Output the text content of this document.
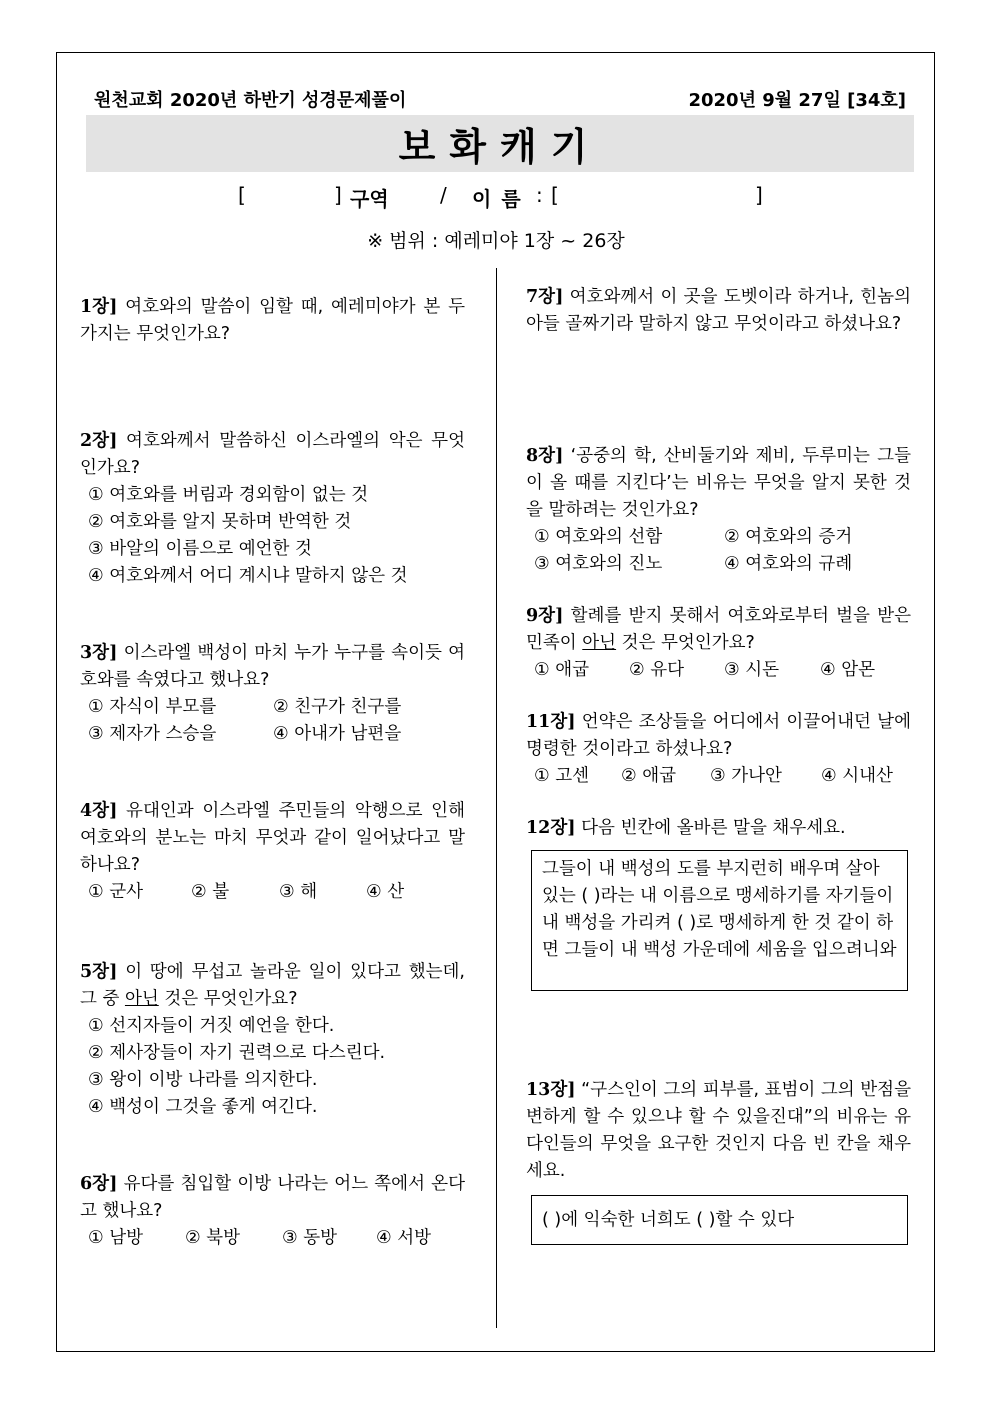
원천교회 2020년 하반기 성경문제풀이	2020년 9월 27일 [34호]
보화캐기
[	] 구역	/ 이름 : [	]
※ 범위 : 예레미야 1장 ~ 26장
1장] 여호와의 말씀이 임할 때, 예레미야가 본 두 가지는 무엇인가요?
2장] 여호와께서 말씀하신 이스라엘의 악은 무엇인가요?
① 여호와를 버림과 경외함이 없는 것
② 여호와를 알지 못하며 반역한 것
③ 바알의 이름으로 예언한 것
④ 여호와께서 어디 계시냐 말하지 않은 것
3장] 이스라엘 백성이 마치 누가 누구를 속이듯 여호와를 속였다고 했나요?
① 자식이 부모를	② 친구가 친구를
③ 제자가 스승을	④ 아내가 남편을
4장] 유대인과 이스라엘 주민들의 악행으로 인해 여호와의 분노는 마치 무엇과 같이 일어났다고 말하나요?
① 군사	② 불	③ 해	④ 산
5장] 이 땅에 무섭고 놀라운 일이 있다고 했는데, 그 중 아닌 것은 무엇인가요?
① 선지자들이 거짓 예언을 한다.
② 제사장들이 자기 권력으로 다스린다.
③ 왕이 이방 나라를 의지한다.
④ 백성이 그것을 좋게 여긴다.
6장] 유다를 침입할 이방 나라는 어느 쪽에서 온다고 했나요?
① 남방	② 북방	③ 동방	④ 서방
7장] 여호와께서 이 곳을 도벳이라 하거나, 힌놈의 아들 골짜기라 말하지 않고 무엇이라고 하셨나요?
8장] ‘공중의 학, 산비둘기와 제비, 두루미는 그들이 올 때를 지킨다’는 비유는 무엇을 알지 못한 것을 말하려는 것인가요?
① 여호와의 선함	② 여호와의 증거
③ 여호와의 진노	④ 여호와의 규례
9장] 할례를 받지 못해서 여호와로부터 벌을 받은 민족이 아닌 것은 무엇인가요?
① 애굽	② 유다	③ 시돈	④ 암몬
11장] 언약은 조상들을 어디에서 이끌어내던 날에 명령한 것이라고 하셨나요?
① 고센	② 애굽	③ 가나안	④ 시내산
12장] 다음 빈칸에 올바른 말을 채우세요.
그들이 내 백성의 도를 부지런히 배우며 살아 있는 ( )라는 내 이름으로 맹세하기를 자기들이 내 백성을 가리켜 ( )로 맹세하게 한 것 같이 하면 그들이 내 백성 가운데에 세움을 입으려니와
13장] “구스인이 그의 피부를, 표범이 그의 반점을 변하게 할 수 있으냐 할 수 있을진대”의 비유는 유다인들의 무엇을 요구한 것인지 다음 빈 칸을 채우세요.
( )에 익숙한 너희도 ( )할 수 있다
